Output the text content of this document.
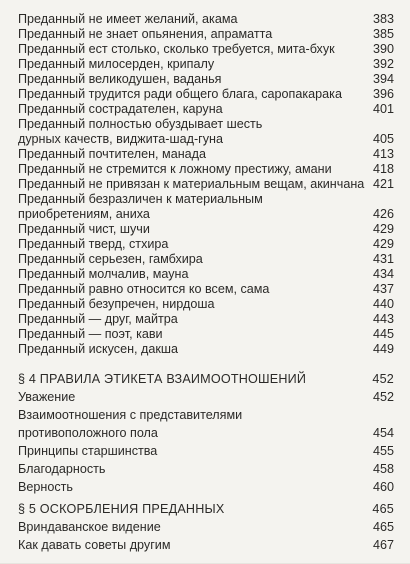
Преданный не имеет желаний, акама	383
Преданный не знает опьянения, апраматта	385
Преданный ест столько, сколько требуется, мита-бхук	390
Преданный милосерден, крипалу	392
Преданный великодушен, ваданья	394
Преданный трудится ради общего блага, саропакарака 396
Преданный сострадателен, каруна	401
Преданный полностью обуздывает шесть
дурных качеств, виджита-шад-гуна	405
Преданный почтителен, манада	413
Преданный не стремится к ложному престижу, амани	418
Преданный не привязан к материальным вещам, акинчана 421
Преданный безразличен к материальным
приобретениям, аниха	426
Преданный чист, шучи	429
Преданный тверд, стхира	429
Преданный серьезен, гамбхира	431
Преданный молчалив, мауна	434
Преданный равно относится ко всем, сама	437
Преданный безупречен, нирдоша	440
Преданный — друг, майтра	443
Преданный — поэт, кави	445
Преданный искусен, дакша	449
§ 4 ПРАВИЛА ЭТИКЕТА ВЗАИМООТНОШЕНИЙ	452
Уважение	452
Взаимоотношения с представителями
противоположного пола	454
Принципы старшинства	455
Благодарность	458
Верность	460
§ 5 ОСКОРБЛЕНИЯ ПРЕДАННЫХ	465
Вриндаванское видение	465
Как давать советы другим	467
